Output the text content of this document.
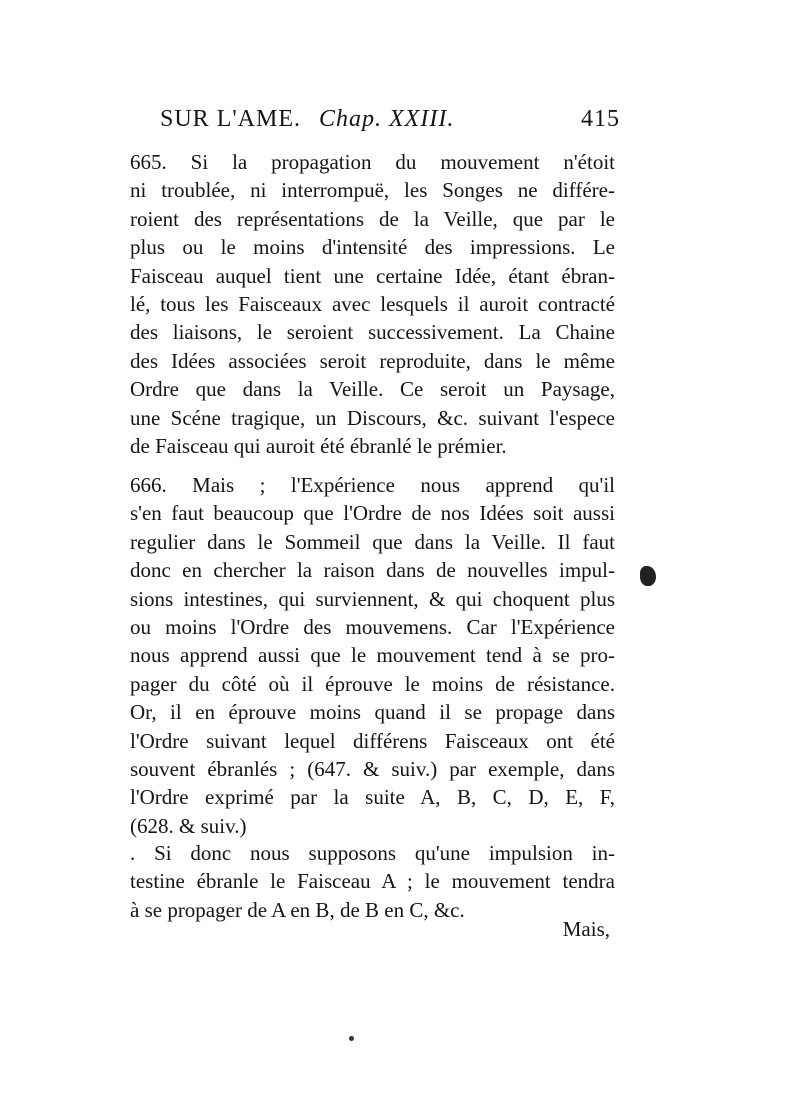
SUR L'AME. Chap. XXIII.	415
665. Si la propagation du mouvement n'étoit
ni troublée, ni interrompuë, les Songes ne différe-
roient des représentations de la Veille, que par le
plus ou le moins d'intensité des impressions. Le
Faisceau auquel tient une certaine Idée, étant ébran-
lé, tous les Faisceaux avec lesquels il auroit contracté
des liaisons, le seroient successivement. La Chaine
des Idées associées seroit reproduite, dans le même
Ordre que dans la Veille. Ce seroit un Paysage,
une Scéne tragique, un Discours, &c. suivant l'espece
de Faisceau qui auroit été ébranlé le prémier.
666. Mais ; l'Expérience nous apprend qu'il
s'en faut beaucoup que l'Ordre de nos Idées soit aussi
regulier dans le Sommeil que dans la Veille. Il faut
donc en chercher la raison dans de nouvelles impul-
sions intestines, qui surviennent, & qui choquent plus
ou moins l'Ordre des mouvemens. Car l'Expérience
nous apprend aussi que le mouvement tend à se pro-
pager du côté où il éprouve le moins de résistance.
Or, il en éprouve moins quand il se propage dans
l'Ordre suivant lequel différens Faisceaux ont été
souvent ébranlés ; (647. & suiv.) par exemple, dans
l'Ordre exprimé par la suite A, B, C, D, E, F,
(628. & suiv.)
. Si donc nous supposons qu'une impulsion in-
testine ébranle le Faisceau A ; le mouvement tendra
à se propager de A en B, de B en C, &c.
Mais,
